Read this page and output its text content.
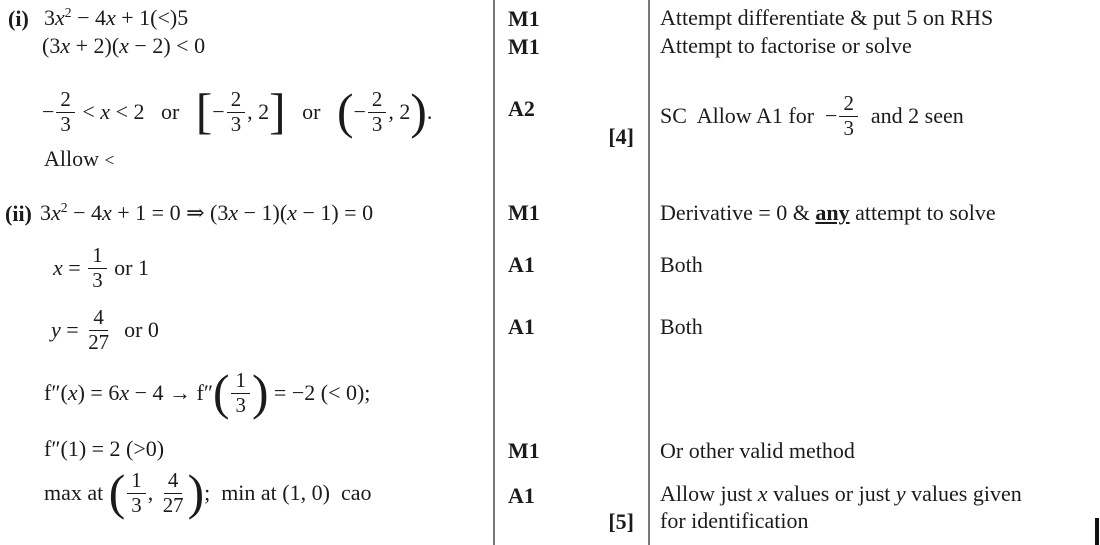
(i) $3x^2 - 4x + 1(<)5$
(3x + 2)(x − 2) < 0
− $\frac{2}{3} < x < 2$   or [ − $\frac{2}{3}$ , 2 ] or ( − $\frac{2}{3}$ , 2 ) .
Allow <
(ii) $3x^2 - 4x + 1 = 0$ ⇒ (3x − 1)(x − 1) = 0
$x = \frac{1}{3}$ or 1
$y = \frac{4}{27}$ or 0
f″( x ) = 6 x − 4 → f″ ( $\frac{1}{3}$ ) = −2 (< 0);
f″(1) = 2 (>0)
max at ( $\frac{1}{3}$ , $\frac{4}{27}$ ) ;  min at (1, 0)  cao
M1
M1
A2
[4]
M1
A1
A1
M1
A1
[5]
Attempt differentiate & put 5 on RHS
Attempt to factorise or solve
SC  Allow A1 for  − $\frac{2}{3}$ and 2 seen
Derivative = 0 & any attempt to solve
Both
Both
Or other valid method
Allow just x values or just y values given for identification
